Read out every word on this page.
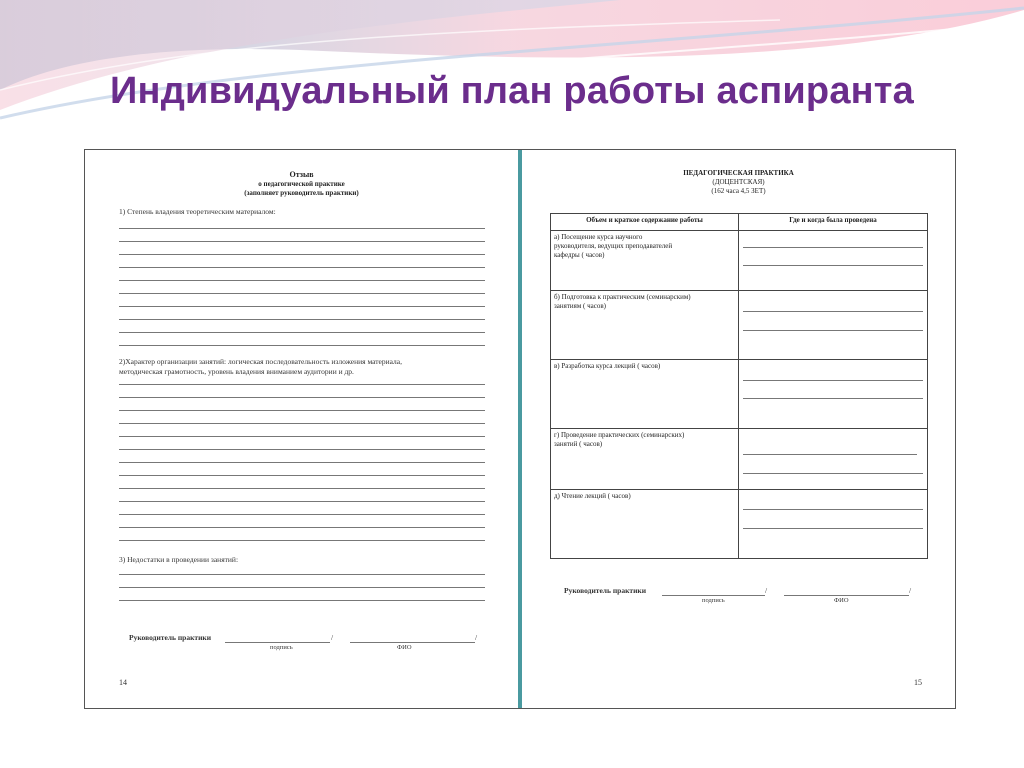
Индивидуальный план работы аспиранта
Отзыв
о педагогической практике
(заполняет руководитель практики)
1) Степень владения теоретическим материалом:
2)Характер организации занятий: логическая последовательность изложения материала,
методическая грамотность, уровень владения вниманием аудитории и др.
3) Недостатки в проведении занятий:
Руководитель практики	/	/
подпись	ФИО
14
ПЕДАГОГИЧЕСКАЯ ПРАКТИКА
(ДОЦЕНТСКАЯ)
(162 часа 4,5 ЗЕТ)
Объем и краткое содержание работы	Где и когда была проведена

а) Посещение курса научного
руководителя, ведущих преподавателей
кафедры ( часов)	

б) Подготовка к практическим (семинарским)
занятиям ( часов)	

в) Разработка курса лекций ( часов)	

г) Проведение практических (семинарских)
занятий ( часов)	

д) Чтение лекций ( часов)	

Руководитель практики	/	/
подпись	ФИО
15
